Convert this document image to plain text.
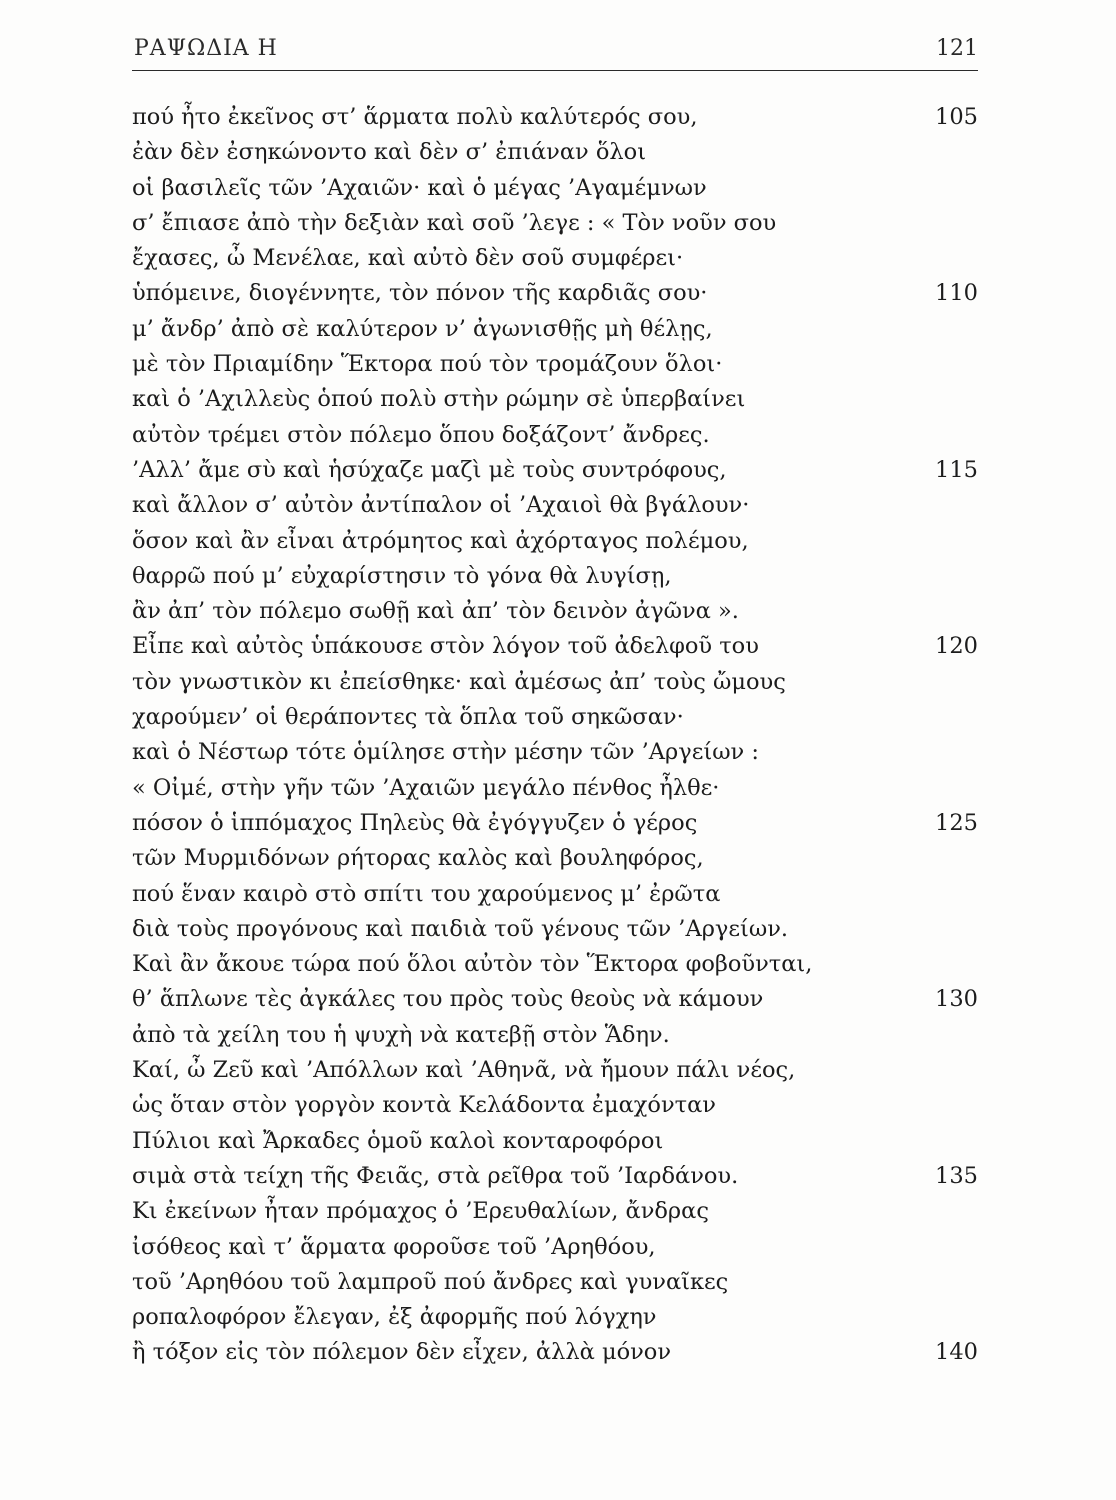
ΡΑΨΩΔΙΑ Η	121
πού ἦτο ἐκεῖνος στ’ ἅρματα πολὺ καλύτερός σου,	105
ἐὰν δὲν ἐσηκώνοντο καὶ δὲν σ’ ἐπιάναν ὅλοι
οἱ βασιλεῖς τῶν ’Αχαιῶν· καὶ ὁ μέγας ’Αγαμέμνων
σ’ ἔπιασε ἀπὸ τὴν δεξιὰν καὶ σοῦ ’λεγε : « Τὸν νοῦν σου
ἔχασες, ὦ Μενέλαε, καὶ αὐτὸ δὲν σοῦ συμφέρει·
ὑπόμεινε, διογέννητε, τὸν πόνον τῆς καρδιᾶς σου·	110
μ’ ἄνδρ’ ἀπὸ σὲ καλύτερον ν’ ἀγωνισθῇς μὴ θέλῃς,
μὲ τὸν Πριαμίδην Ἕκτορα πού τὸν τρομάζουν ὅλοι·
καὶ ὁ ’Αχιλλεὺς ὁπού πολὺ στὴν ρώμην σὲ ὑπερβαίνει
αὐτὸν τρέμει στὸν πόλεμο ὅπου δοξάζοντ’ ἄνδρες.
’Αλλ’ ἄμε σὺ καὶ ἡσύχαζε μαζὶ μὲ τοὺς συντρόφους,	115
καὶ ἄλλον σ’ αὐτὸν ἀντίπαλον οἱ ’Αχαιοὶ θὰ βγάλουν·
ὅσον καὶ ἂν εἶναι ἀτρόμητος καὶ ἀχόρταγος πολέμου,
θαρρῶ πού μ’ εὐχαρίστησιν τὸ γόνα θὰ λυγίσῃ,
ἂν ἀπ’ τὸν πόλεμο σωθῇ καὶ ἀπ’ τὸν δεινὸν ἀγῶνα ».
Εἶπε καὶ αὐτὸς ὑπάκουσε στὸν λόγον τοῦ ἀδελφοῦ του	120
τὸν γνωστικὸν κι ἐπείσθηκε· καὶ ἀμέσως ἀπ’ τοὺς ὤμους
χαρούμεν’ οἱ θεράποντες τὰ ὅπλα τοῦ σηκῶσαν·
καὶ ὁ Νέστωρ τότε ὁμίλησε στὴν μέσην τῶν ’Αργείων :
« Οἰμέ, στὴν γῆν τῶν ’Αχαιῶν μεγάλο πένθος ἦλθε·
πόσον ὁ ἱππόμαχος Πηλεὺς θὰ ἐγόγγυζεν ὁ γέρος	125
τῶν Μυρμιδόνων ρήτορας καλὸς καὶ βουληφόρος,
πού ἕναν καιρὸ στὸ σπίτι του χαρούμενος μ’ ἐρῶτα
διὰ τοὺς προγόνους καὶ παιδιὰ τοῦ γένους τῶν ’Αργείων.
Καὶ ἂν ἄκουε τώρα πού ὅλοι αὐτὸν τὸν Ἕκτορα φοβοῦνται,
θ’ ἅπλωνε τὲς ἀγκάλες του πρὸς τοὺς θεοὺς νὰ κάμουν	130
ἀπὸ τὰ χείλη του ἡ ψυχὴ νὰ κατεβῇ στὸν Ἅδην.
Καί, ὦ Ζεῦ καὶ ’Απόλλων καὶ ’Αθηνᾶ, νὰ ἤμουν πάλι νέος,
ὡς ὅταν στὸν γοργὸν κοντὰ Κελάδοντα ἐμαχόνταν
Πύλιοι καὶ Ἄρκαδες ὁμοῦ καλοὶ κονταροφόροι
σιμὰ στὰ τείχη τῆς Φειᾶς, στὰ ρεῖθρα τοῦ ’Ιαρδάνου.	135
Κι ἐκείνων ἦταν πρόμαχος ὁ ’Ερευθαλίων, ἄνδρας
ἰσόθεος καὶ τ’ ἅρματα φοροῦσε τοῦ ’Αρηθόου,
τοῦ ’Αρηθόου τοῦ λαμπροῦ πού ἄνδρες καὶ γυναῖκες
ροπαλοφόρον ἔλεγαν, ἐξ ἀφορμῆς πού λόγχην
ἢ τόξον εἰς τὸν πόλεμον δὲν εἶχεν, ἀλλὰ μόνον	140
